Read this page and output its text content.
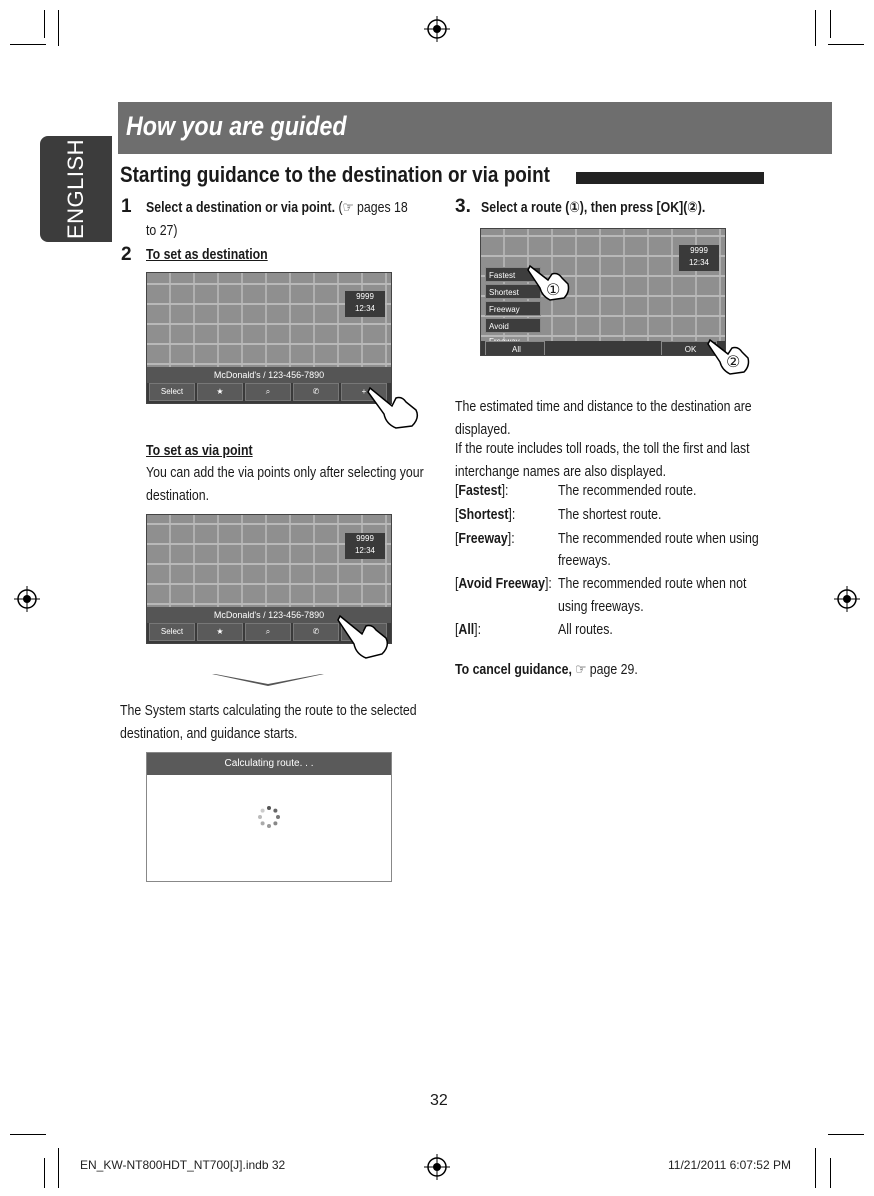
ENGLISH
How you are guided
Starting guidance to the destination or via point
1 Select a destination or via point. (☞ pages 18
to 27)
2 To set as destination
9999
12:34
McDonald's / 123-456-7890
Select	★	⌕	✆	+
To set as via point
You can add the via points only after selecting your
destination.
9999
12:34
McDonald's / 123-456-7890
Select	★	⌕	✆
The System starts calculating the route to the selected
destination, and guidance starts.
Calculating route. . .
3. Select a route (①), then press [OK](②).
9999
12:34
Fastest
Shortest
Freeway
Avoid
All	OK
①
②
The estimated time and distance to the destination are
displayed.
If the route includes toll roads, the toll the first and last
interchange names are also displayed.
[Fastest]:	The recommended route.
[Shortest]:	The shortest route.
[Freeway]:	The recommended route when using
freeways.
[Avoid Freeway]: The recommended route when not
using freeways.
[All]:	All routes.
To cancel guidance, ☞ page 29.
32
EN_KW-NT800HDT_NT700[J].indb 32	11/21/2011 6:07:52 PM
